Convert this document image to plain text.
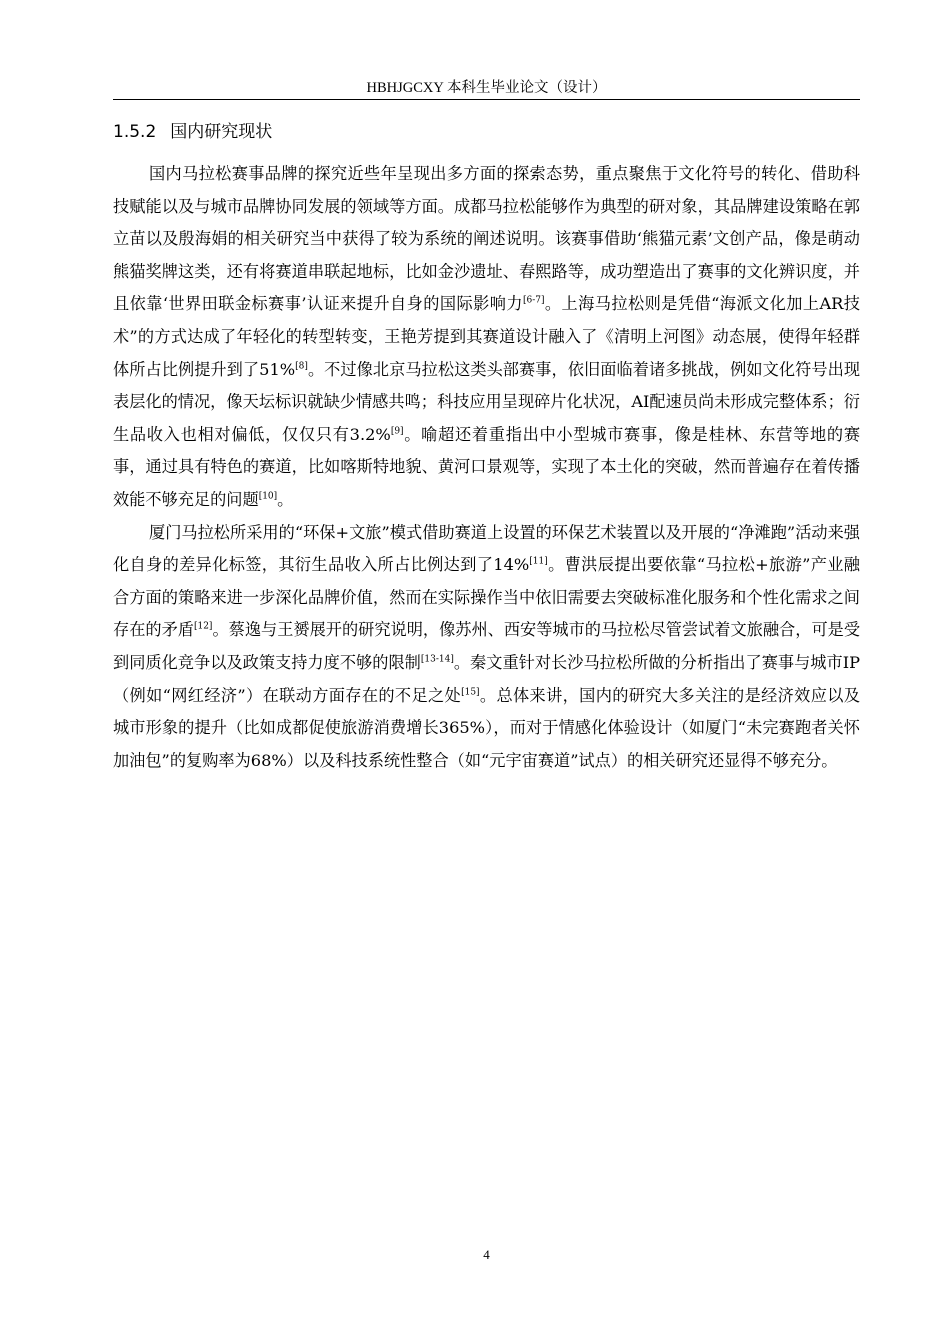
HBHJGCXY 本科生毕业论文（设计）
1.5.2 国内研究现状

国内马拉松赛事品牌的探究近些年呈现出多方面的探索态势，重点聚焦于文化符号的转化、借助科技赋能以及与城市品牌协同发展的领域等方面。成都马拉松能够作为典型的研对象，其品牌建设策略在郭立苗以及殷海娟的相关研究当中获得了较为系统的阐述说明。该赛事借助‘熊猫元素’文创产品，像是萌动熊猫奖牌这类，还有将赛道串联起地标，比如金沙遗址、春熙路等，成功塑造出了赛事的文化辨识度，并且依靠‘世界田联金标赛事’认证来提升自身的国际影响力[6-7]。上海马拉松则是凭借“海派文化加上AR技术”的方式达成了年轻化的转型转变，王艳芳提到其赛道设计融入了《清明上河图》动态展，使得年轻群体所占比例提升到了51%[8]。不过像北京马拉松这类头部赛事，依旧面临着诸多挑战，例如文化符号出现表层化的情况，像天坛标识就缺少情感共鸣；科技应用呈现碎片化状况，AI配速员尚未形成完整体系；衍生品收入也相对偏低，仅仅只有3.2%[9]。喻超还着重指出中小型城市赛事，像是桂林、东营等地的赛事，通过具有特色的赛道，比如喀斯特地貌、黄河口景观等，实现了本土化的突破，然而普遍存在着传播效能不够充足的问题[10]。

厦门马拉松所采用的“环保+文旅”模式借助赛道上设置的环保艺术装置以及开展的“净滩跑”活动来强化自身的差异化标签，其衍生品收入所占比例达到了14%[11]。曹洪辰提出要依靠“马拉松+旅游”产业融合方面的策略来进一步深化品牌价值，然而在实际操作当中依旧需要去突破标准化服务和个性化需求之间存在的矛盾[12]。蔡逸与王赟展开的研究说明，像苏州、西安等城市的马拉松尽管尝试着文旅融合，可是受到同质化竞争以及政策支持力度不够的限制[13-14]。秦文重针对长沙马拉松所做的分析指出了赛事与城市IP（例如“网红经济”）在联动方面存在的不足之处[15]。总体来讲，国内的研究大多关注的是经济效应以及城市形象的提升（比如成都促使旅游消费增长365%），而对于情感化体验设计（如厦门“未完赛跑者关怀加油包”的复购率为68%）以及科技系统性整合（如“元宇宙赛道”试点）的相关研究还显得不够充分。

4
